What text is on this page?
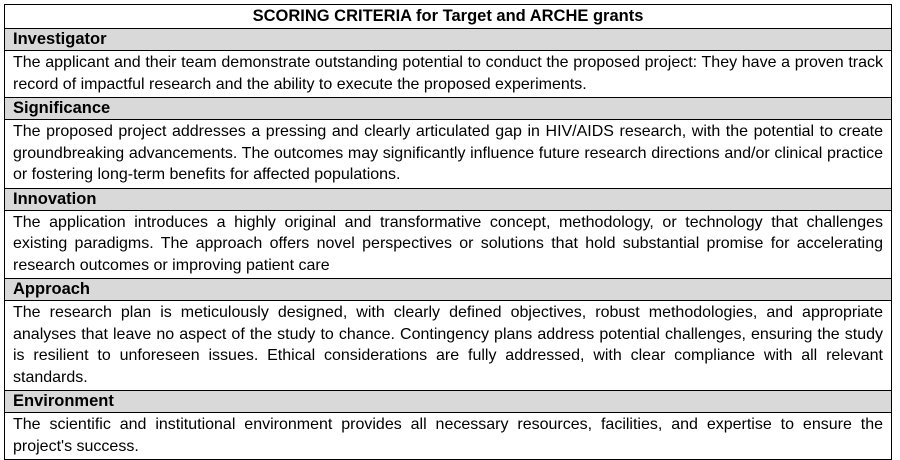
SCORING CRITERIA for Target and ARCHE grants
Investigator
The applicant and their team demonstrate outstanding potential to conduct the proposed project: They have a proven track record of impactful research and the ability to execute the proposed experiments.
Significance
The proposed project addresses a pressing and clearly articulated gap in HIV/AIDS research, with the potential to create groundbreaking advancements. The outcomes may significantly influence future research directions and/or clinical practice or fostering long-term benefits for affected populations.
Innovation
The application introduces a highly original and transformative concept, methodology, or technology that challenges existing paradigms. The approach offers novel perspectives or solutions that hold substantial promise for accelerating research outcomes or improving patient care
Approach
The research plan is meticulously designed, with clearly defined objectives, robust methodologies, and appropriate analyses that leave no aspect of the study to chance. Contingency plans address potential challenges, ensuring the study is resilient to unforeseen issues. Ethical considerations are fully addressed, with clear compliance with all relevant standards.
Environment
The scientific and institutional environment provides all necessary resources, facilities, and expertise to ensure the project's success.
